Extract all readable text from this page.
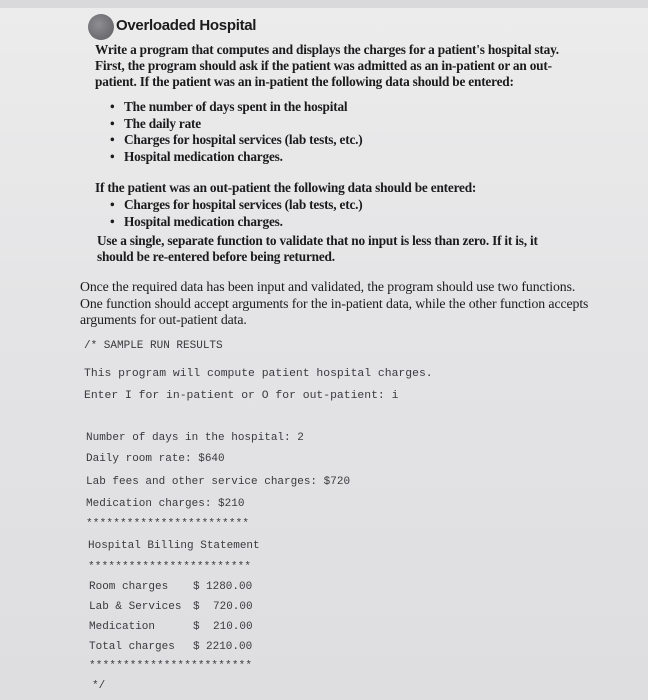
Overloaded Hospital
Write a program that computes and displays the charges for a patient's hospital stay. First, the program should ask if the patient was admitted as an in-patient or an out-patient. If the patient was an in-patient the following data should be entered:
• The number of days spent in the hospital
• The daily rate
• Charges for hospital services (lab tests, etc.)
• Hospital medication charges.
If the patient was an out-patient the following data should be entered:
• Charges for hospital services (lab tests, etc.)
• Hospital medication charges.
Use a single, separate function to validate that no input is less than zero. If it is, it should be re-entered before being returned.
Once the required data has been input and validated, the program should use two functions. One function should accept arguments for the in-patient data, while the other function accepts arguments for out-patient data.
/* SAMPLE RUN RESULTS
This program will compute patient hospital charges.
Enter I for in-patient or O for out-patient: i
Number of days in the hospital: 2
Daily room rate: $640
Lab fees and other service charges: $720
Medication charges: $210
************************
Hospital Billing Statement
************************
Room charges $ 1280.00
Lab & Services $ 720.00
Medication	$ 210.00
Total charges $ 2210.00
************************
*/
